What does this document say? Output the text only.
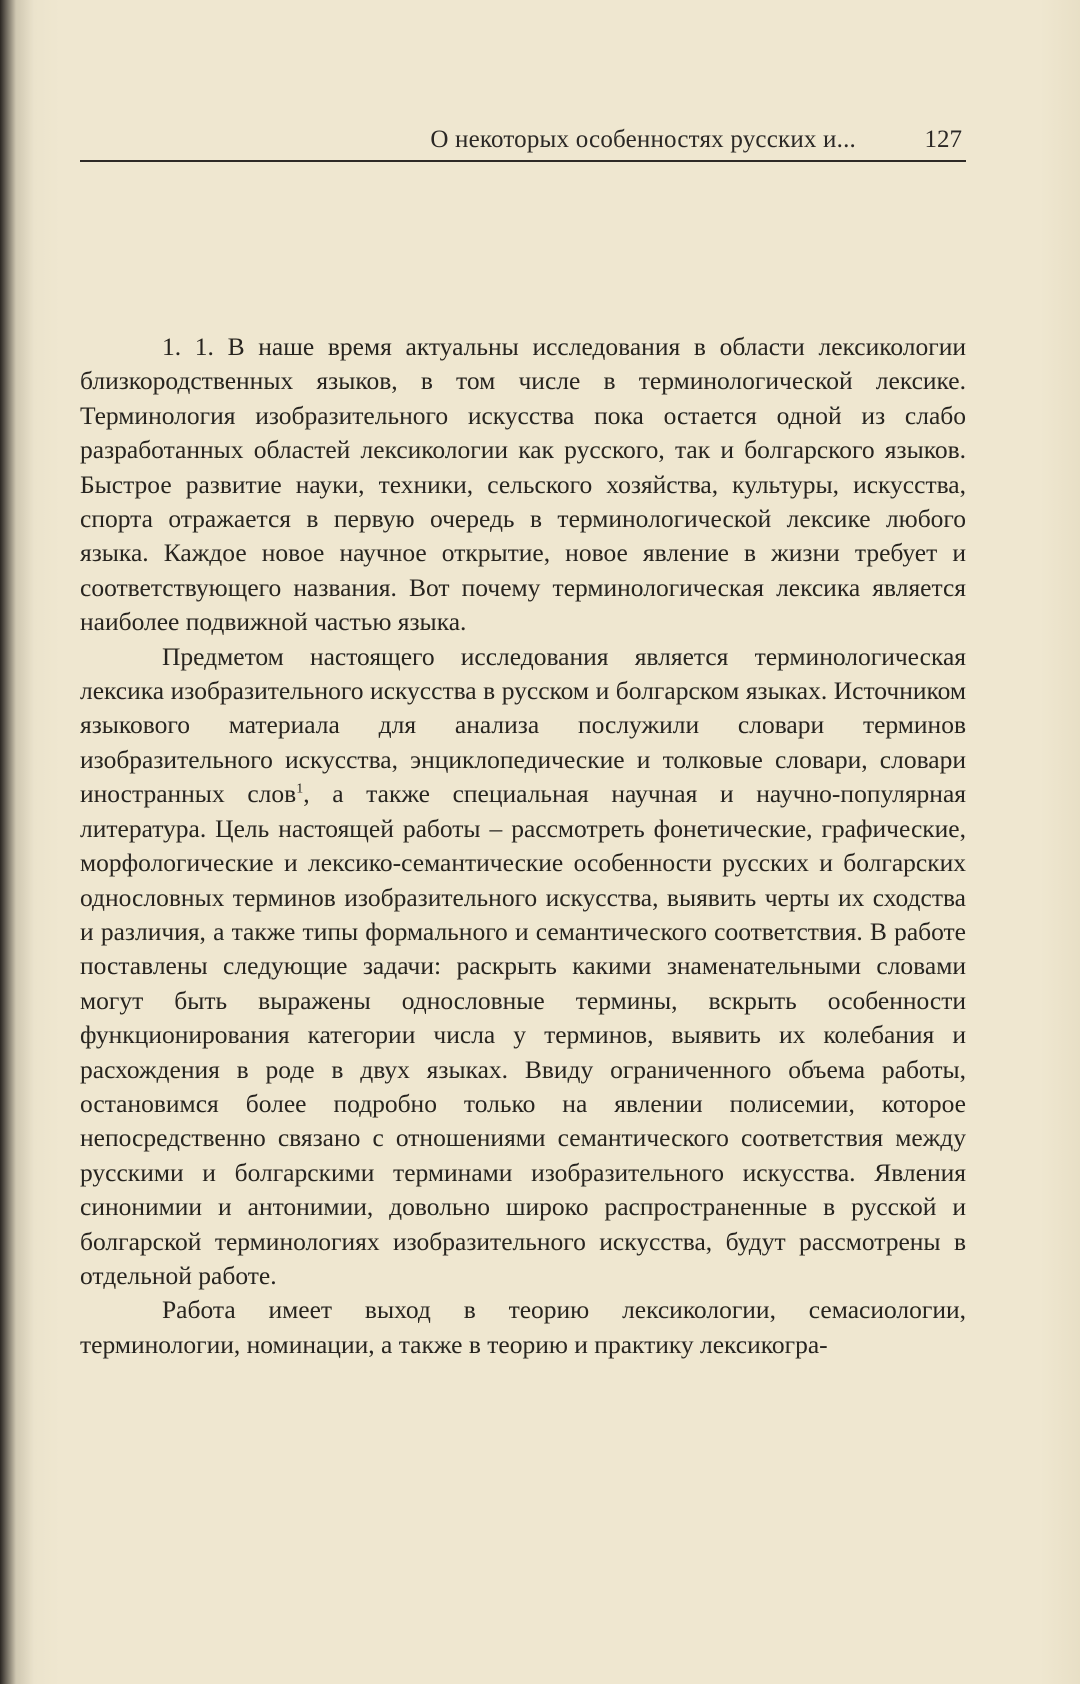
О некоторых особенностях русских и...	127

1. 1. В наше время актуальны исследования в области лексикологии близкородственных языков, в том числе в терминологической лексике. Терминология изобразительного искусства пока остается одной из слабо разработанных областей лексикологии как русского, так и болгарского языков. Быстрое развитие науки, техники, сельского хозяйства, культуры, искусства, спорта отражается в первую очередь в терминологической лексике любого языка. Каждое новое научное открытие, новое явление в жизни требует и соответствующего названия. Вот почему терминологическая лексика является наиболее подвижной частью языка.

Предметом настоящего исследования является терминологическая лексика изобразительного искусства в русском и болгарском языках. Источником языкового материала для анализа послужили словари терминов изобразительного искусства, энциклопедические и толковые словари, словари иностранных слов$^1$, а также специальная научная и научно-популярная литература. Цель настоящей работы – рассмотреть фонетические, графические, морфологические и лексико-семантические особенности русских и болгарских однословных терминов изобразительного искусства, выявить черты их сходства и различия, а также типы формального и семантического соответствия. В работе поставлены следующие задачи: раскрыть какими знаменательными словами могут быть выражены однословные термины, вскрыть особенности функционирования категории числа у терминов, выявить их колебания и расхождения в роде в двух языках. Ввиду ограниченного объема работы, остановимся более подробно только на явлении полисемии, которое непосредственно связано с отношениями семантического соответствия между русскими и болгарскими терминами изобразительного искусства. Явления синонимии и антонимии, довольно широко распространенные в русской и болгарской терминологиях изобразительного искусства, будут рассмотрены в отдельной работе.

Работа имеет выход в теорию лексикологии, семасиологии, терминологии, номинации, а также в теорию и практику лексикогра-
